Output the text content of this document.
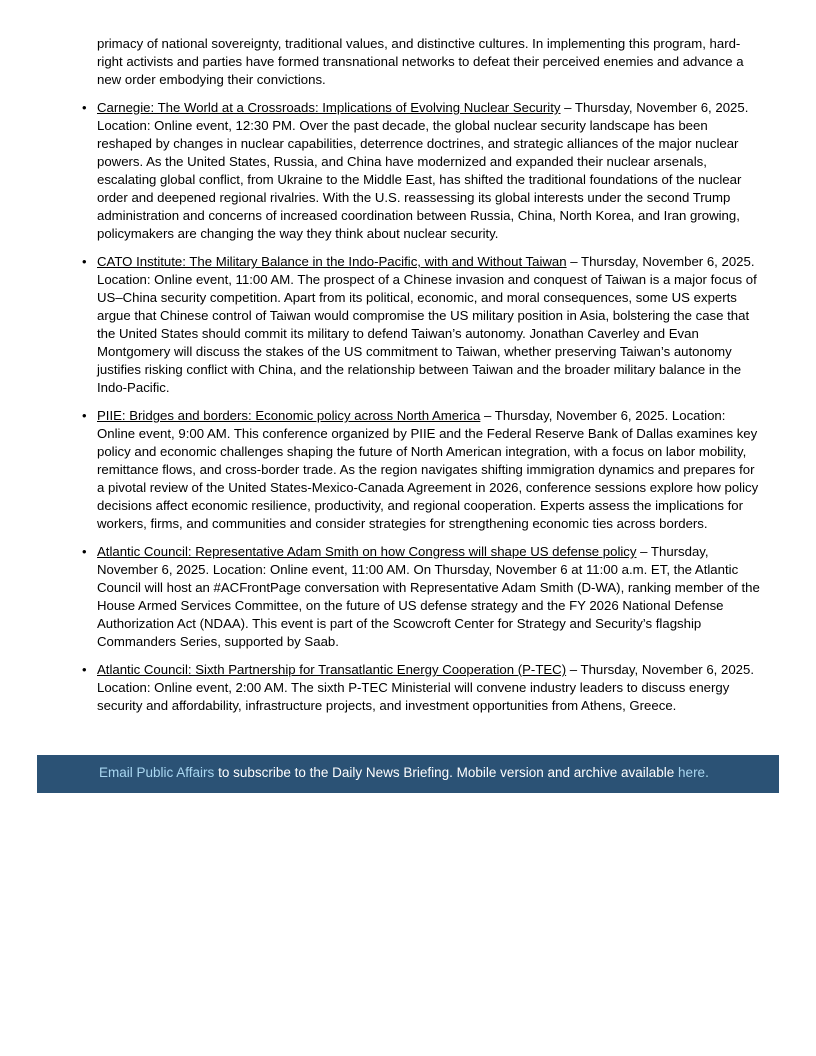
primacy of national sovereignty, traditional values, and distinctive cultures. In implementing this program, hard-right activists and parties have formed transnational networks to defeat their perceived enemies and advance a new order embodying their convictions.

• Carnegie: The World at a Crossroads: Implications of Evolving Nuclear Security – Thursday, November 6, 2025. Location: Online event, 12:30 PM. Over the past decade, the global nuclear security landscape has been reshaped by changes in nuclear capabilities, deterrence doctrines, and strategic alliances of the major nuclear powers. As the United States, Russia, and China have modernized and expanded their nuclear arsenals, escalating global conflict, from Ukraine to the Middle East, has shifted the traditional foundations of the nuclear order and deepened regional rivalries. With the U.S. reassessing its global interests under the second Trump administration and concerns of increased coordination between Russia, China, North Korea, and Iran growing, policymakers are changing the way they think about nuclear security.
• CATO Institute: The Military Balance in the Indo-Pacific, with and Without Taiwan – Thursday, November 6, 2025. Location: Online event, 11:00 AM. The prospect of a Chinese invasion and conquest of Taiwan is a major focus of US–China security competition. Apart from its political, economic, and moral consequences, some US experts argue that Chinese control of Taiwan would compromise the US military position in Asia, bolstering the case that the United States should commit its military to defend Taiwan’s autonomy. Jonathan Caverley and Evan Montgomery will discuss the stakes of the US commitment to Taiwan, whether preserving Taiwan’s autonomy justifies risking conflict with China, and the relationship between Taiwan and the broader military balance in the Indo-Pacific.
• PIIE: Bridges and borders: Economic policy across North America – Thursday, November 6, 2025. Location: Online event, 9:00 AM. This conference organized by PIIE and the Federal Reserve Bank of Dallas examines key policy and economic challenges shaping the future of North American integration, with a focus on labor mobility, remittance flows, and cross-border trade. As the region navigates shifting immigration dynamics and prepares for a pivotal review of the United States-Mexico-Canada Agreement in 2026, conference sessions explore how policy decisions affect economic resilience, productivity, and regional cooperation. Experts assess the implications for workers, firms, and communities and consider strategies for strengthening economic ties across borders.
• Atlantic Council: Representative Adam Smith on how Congress will shape US defense policy – Thursday, November 6, 2025. Location: Online event, 11:00 AM. On Thursday, November 6 at 11:00 a.m. ET, the Atlantic Council will host an #ACFrontPage conversation with Representative Adam Smith (D-WA), ranking member of the House Armed Services Committee, on the future of US defense strategy and the FY 2026 National Defense Authorization Act (NDAA). This event is part of the Scowcroft Center for Strategy and Security’s flagship Commanders Series, supported by Saab.
• Atlantic Council: Sixth Partnership for Transatlantic Energy Cooperation (P-TEC) – Thursday, November 6, 2025. Location: Online event, 2:00 AM. The sixth P-TEC Ministerial will convene industry leaders to discuss energy security and affordability, infrastructure projects, and investment opportunities from Athens, Greece.
Email Public Affairs to subscribe to the Daily News Briefing. Mobile version and archive available here.
